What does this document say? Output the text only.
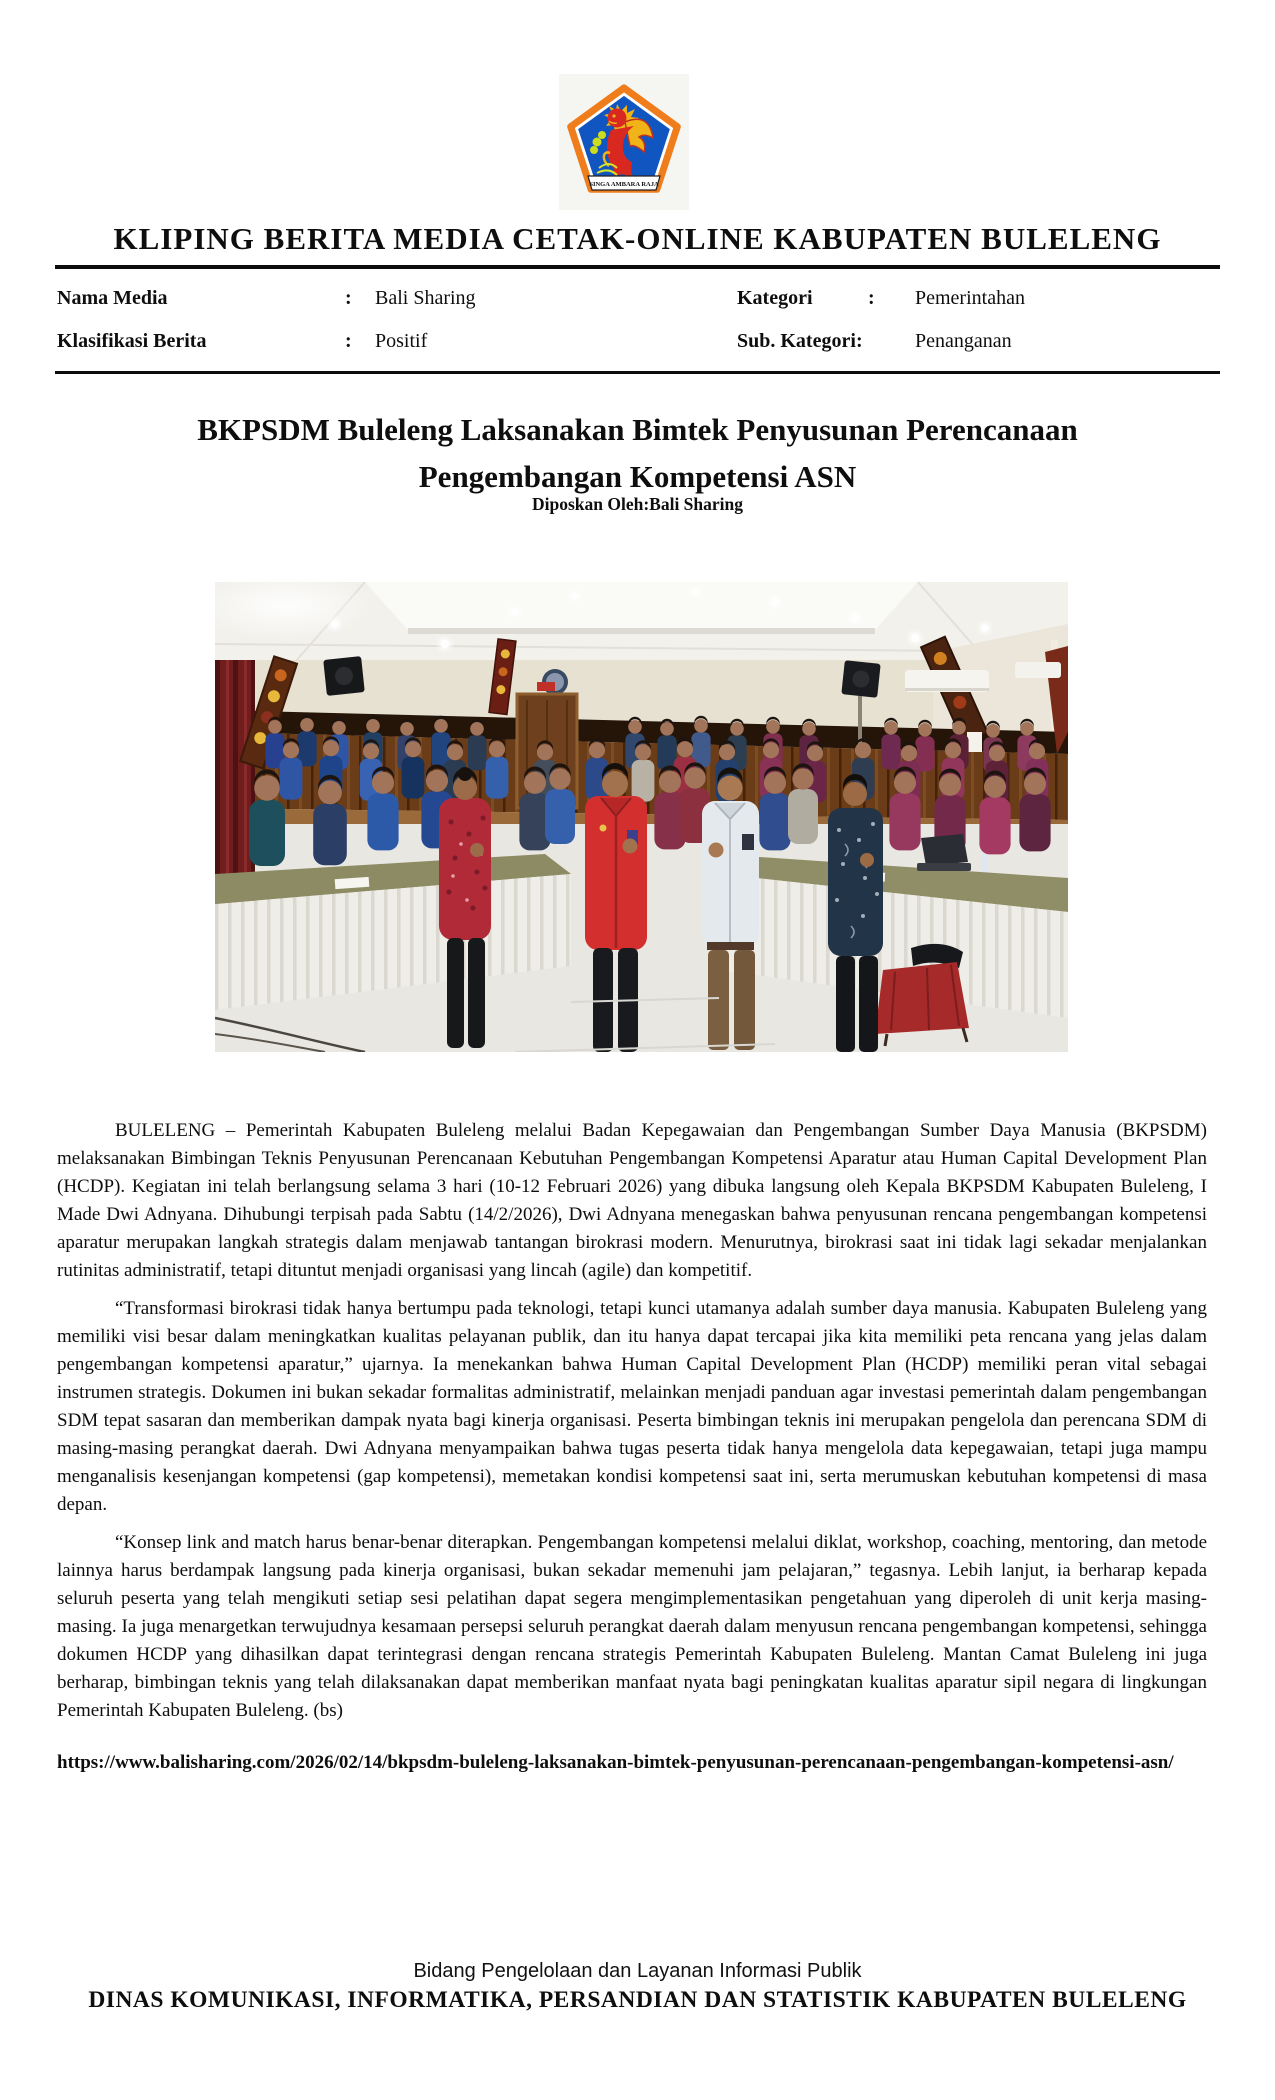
SINGA AMBARA RAJA
KLIPING BERITA MEDIA CETAK-ONLINE KABUPATEN BULELENG
Nama Media	: Bali Sharing	Kategori	: Pemerintahan
Klasifikasi Berita	: Positif	Sub. Kategori :	Penanganan
BKPSDM Buleleng Laksanakan Bimtek Penyusunan Perencanaan
Pengembangan Kompetensi ASN
Diposkan Oleh:Bali Sharing

BULELENG – Pemerintah Kabupaten Buleleng melalui Badan Kepegawaian dan Pengembangan Sumber Daya Manusia (BKPSDM) melaksanakan Bimbingan Teknis Penyusunan Perencanaan Kebutuhan Pengembangan Kompetensi Aparatur atau Human Capital Development Plan (HCDP). Kegiatan ini telah berlangsung selama 3 hari (10-12 Februari 2026) yang dibuka langsung oleh Kepala BKPSDM Kabupaten Buleleng, I Made Dwi Adnyana. Dihubungi terpisah pada Sabtu (14/2/2026), Dwi Adnyana menegaskan bahwa penyusunan rencana pengembangan kompetensi aparatur merupakan langkah strategis dalam menjawab tantangan birokrasi modern. Menurutnya, birokrasi saat ini tidak lagi sekadar menjalankan rutinitas administratif, tetapi dituntut menjadi organisasi yang lincah (agile) dan kompetitif.

“Transformasi birokrasi tidak hanya bertumpu pada teknologi, tetapi kunci utamanya adalah sumber daya manusia. Kabupaten Buleleng yang memiliki visi besar dalam meningkatkan kualitas pelayanan publik, dan itu hanya dapat tercapai jika kita memiliki peta rencana yang jelas dalam pengembangan kompetensi aparatur,” ujarnya. Ia menekankan bahwa Human Capital Development Plan (HCDP) memiliki peran vital sebagai instrumen strategis. Dokumen ini bukan sekadar formalitas administratif, melainkan menjadi panduan agar investasi pemerintah dalam pengembangan SDM tepat sasaran dan memberikan dampak nyata bagi kinerja organisasi. Peserta bimbingan teknis ini merupakan pengelola dan perencana SDM di masing-masing perangkat daerah. Dwi Adnyana menyampaikan bahwa tugas peserta tidak hanya mengelola data kepegawaian, tetapi juga mampu menganalisis kesenjangan kompetensi (gap kompetensi), memetakan kondisi kompetensi saat ini, serta merumuskan kebutuhan kompetensi di masa depan.

“Konsep link and match harus benar-benar diterapkan. Pengembangan kompetensi melalui diklat, workshop, coaching, mentoring, dan metode lainnya harus berdampak langsung pada kinerja organisasi, bukan sekadar memenuhi jam pelajaran,” tegasnya. Lebih lanjut, ia berharap kepada seluruh peserta yang telah mengikuti setiap sesi pelatihan dapat segera mengimplementasikan pengetahuan yang diperoleh di unit kerja masing-masing. Ia juga menargetkan terwujudnya kesamaan persepsi seluruh perangkat daerah dalam menyusun rencana pengembangan kompetensi, sehingga dokumen HCDP yang dihasilkan dapat terintegrasi dengan rencana strategis Pemerintah Kabupaten Buleleng. Mantan Camat Buleleng ini juga berharap, bimbingan teknis yang telah dilaksanakan dapat memberikan manfaat nyata bagi peningkatan kualitas aparatur sipil negara di lingkungan Pemerintah Kabupaten Buleleng. (bs)

https://www.balisharing.com/2026/02/14/bkpsdm-buleleng-laksanakan-bimtek-penyusunan-perencanaan-pengembangan-kompetensi-asn/
Bidang Pengelolaan dan Layanan Informasi Publik
DINAS KOMUNIKASI, INFORMATIKA, PERSANDIAN DAN STATISTIK KABUPATEN BULELENG
